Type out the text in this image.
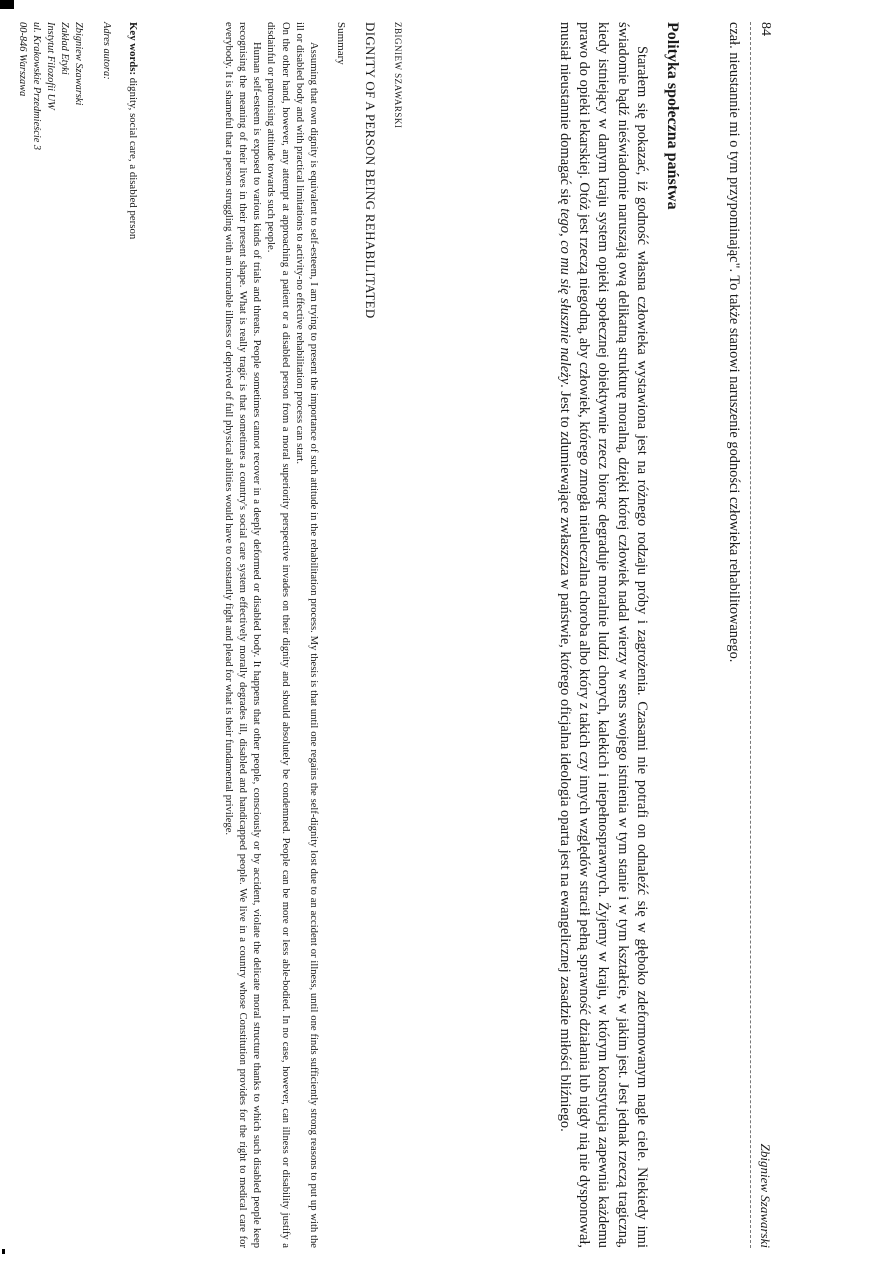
84
Zbigniew Szawarski

czał. nieustannie mi o tym przypominając". To także stanowi naruszenie godności człowieka rehabilitowanego.

Polityka społeczna państwa

Starałem się pokazać, iż godność własna człowieka wystawiona jest na różnego rodzaju próby i zagrożenia. Czasami nie potrafi on odnaleźć się w głęboko zdeformowanym nagle ciele. Niekiedy inni świadomie bądź nieświadomie naruszają ową delikatną strukturę moralną, dzięki której człowiek nadal wierzy w sens swojego istnienia w tym stanie i w tym kształcie, w jakim jest. Jest jednak rzeczą tragiczną, kiedy istniejący w danym kraju system opieki społecznej obiektywnie rzecz biorąc degraduje moralnie ludzi chorych, kalekich i niepełnosprawnych. Żyjemy w kraju, w którym konstytucja zapewnia każdemu prawo do opieki lekarskiej. Otóż jest rzeczą niegodną, aby człowiek, którego zmogła nieuleczalna choroba albo który z takich czy innych względów stracił pełną sprawność działania lub nigdy nią nie dysponował, musiał nieustannie domagać się tego, co mu się słusznie należy. Jest to zdumiewające zwłaszcza w państwie, którego oficjalna ideologia oparta jest na ewangelicznej zasadzie miłości bliźniego.

ZBIGNIEW SZAWARSKI
DIGNITY OF A PERSON BEING REHABILITATED
Summary

Assuming that own dignity is equivalent to self-esteem, I am trying to present the importance of such attitude in the rehabilitation process. My thesis is that until one regains the self-dignity lost due to an accident or illness, until one finds sufficiently strong reasons to put up with the ill or disabled body and with practical limitations to activity-no effective rehabilitation process can start.

On the other hand, however, any attempt at approaching a patient or a disabled person from a moral superiority perspective invades on their dignity and should absolutely be condemned. People can be more or less able-bodied. In no case, however, can illness or disability justify a disdainful or patronising attitude towards such people.

Human self-esteem is exposed to various kinds of trials and threats. People sometimes cannot recover in a deeply deformed or disabled body. It happens that other people, consciously or by accident, violate the delicate moral structure thanks to which such disabled people keep recognising the meaning of their lives in their present shape. What is really tragic is that sometimes a country's social care system effectively morally degrades ill, disabled and handicapped people. We live in a country whose Constitution provides for the right to medical care for everybody. It is shameful that a person struggling with an incurable illness or deprived of full physical abilities would have to constantly fight and plead for what is their fundamental privilege.

Key words: dignity, social care, a disabled person
Adres autora:
Zbigniew Szawarski
Zakład Etyki
Instytut Filozofii UW
ul. Krakowskie Przedmieście 3
00-846 Warszawa
